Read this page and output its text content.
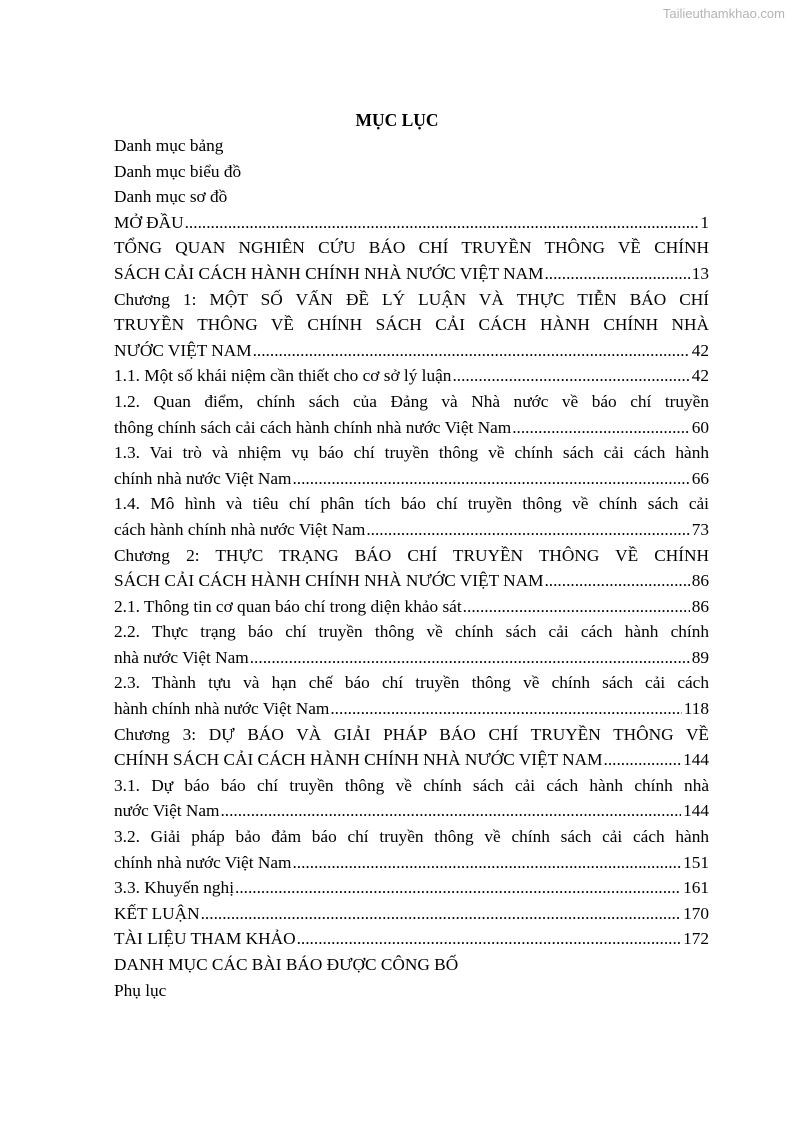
Tailieuthamkhao.com
MỤC LỤC
Danh mục bảng
Danh mục biểu đồ
Danh mục sơ đồ
MỞ ĐẦU .....	1
TỔNG QUAN NGHIÊN CỨU BÁO CHÍ TRUYỀN THÔNG VỀ CHÍNH
SÁCH CẢI CÁCH HÀNH CHÍNH NHÀ NƯỚC VIỆT NAM .....	13
Chương 1: MỘT SỐ VẤN ĐỀ LÝ LUẬN VÀ THỰC TIỄN BÁO CHÍ
TRUYỀN THÔNG VỀ CHÍNH SÁCH CẢI CÁCH HÀNH CHÍNH NHÀ
NƯỚC VIỆT NAM .....	42
1.1. Một số khái niệm cần thiết cho cơ sở lý luận .....	42
1.2. Quan điểm, chính sách của Đảng và Nhà nước về báo chí truyền
thông chính sách cải cách hành chính nhà nước Việt Nam .....	60
1.3. Vai trò và nhiệm vụ báo chí truyền thông về chính sách cải cách hành
chính nhà nước Việt Nam .....	66
1.4. Mô hình và tiêu chí phân tích báo chí truyền thông về chính sách cải
cách hành chính nhà nước Việt Nam .....	73
Chương 2: THỰC TRẠNG BÁO CHÍ TRUYỀN THÔNG VỀ CHÍNH
SÁCH CẢI CÁCH HÀNH CHÍNH NHÀ NƯỚC VIỆT NAM .....	86
2.1. Thông tin cơ quan báo chí trong diện khảo sát .....	86
2.2. Thực trạng báo chí truyền thông về chính sách cải cách hành chính
nhà nước Việt Nam .....	89
2.3. Thành tựu và hạn chế báo chí truyền thông về chính sách cải cách
hành chính nhà nước Việt Nam .....	118
Chương 3: DỰ BÁO VÀ GIẢI PHÁP BÁO CHÍ TRUYỀN THÔNG VỀ
CHÍNH SÁCH CẢI CÁCH HÀNH CHÍNH NHÀ NƯỚC VIỆT NAM .....	144
3.1. Dự báo báo chí truyền thông về chính sách cải cách hành chính nhà
nước Việt Nam .....	144
3.2. Giải pháp bảo đảm báo chí truyền thông về chính sách cải cách hành
chính nhà nước Việt Nam .....	151
3.3. Khuyến nghị .....	161
KẾT LUẬN .....	170
TÀI LIỆU THAM KHẢO .....	172
DANH MỤC CÁC BÀI BÁO ĐƯỢC CÔNG BỐ
Phụ lục
